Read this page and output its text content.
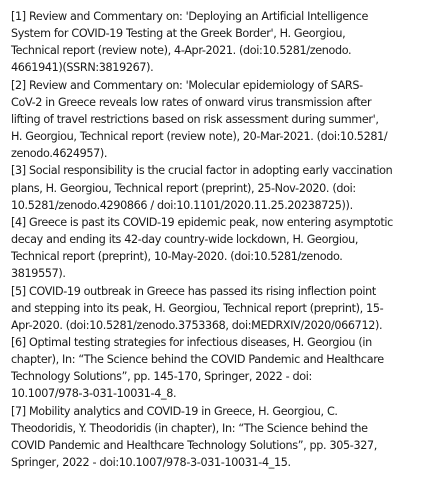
[1] Review and Commentary on: 'Deploying an Artificial Intelligence
System for COVID-19 Testing at the Greek Border', H. Georgiou,
Technical report (review note), 4-Apr-2021. (doi:10.5281/zenodo.
4661941)(SSRN:3819267).
[2] Review and Commentary on: 'Molecular epidemiology of SARS-
CoV-2 in Greece reveals low rates of onward virus transmission after
lifting of travel restrictions based on risk assessment during summer',
H. Georgiou, Technical report (review note), 20-Mar-2021. (doi:10.5281/
zenodo.4624957).
[3] Social responsibility is the crucial factor in adopting early vaccination
plans, H. Georgiou, Technical report (preprint), 25-Nov-2020. (doi:
10.5281/zenodo.4290866 / doi:10.1101/2020.11.25.20238725)).
[4] Greece is past its COVID-19 epidemic peak, now entering asymptotic
decay and ending its 42-day country-wide lockdown, H. Georgiou,
Technical report (preprint), 10-May-2020. (doi:10.5281/zenodo.
3819557).
[5] COVID-19 outbreak in Greece has passed its rising inflection point
and stepping into its peak, H. Georgiou, Technical report (preprint), 15-
Apr-2020. (doi:10.5281/zenodo.3753368, doi:MEDRXIV/2020/066712).
[6] Optimal testing strategies for infectious diseases, H. Georgiou (in
chapter), In: “The Science behind the COVID Pandemic and Healthcare
Technology Solutions”, pp. 145-170, Springer, 2022 - doi:
10.1007/978-3-031-10031-4_8.
[7] Mobility analytics and COVID-19 in Greece, H. Georgiou, C.
Theodoridis, Y. Theodoridis (in chapter), In: “The Science behind the
COVID Pandemic and Healthcare Technology Solutions”, pp. 305-327,
Springer, 2022 - doi:10.1007/978-3-031-10031-4_15.
